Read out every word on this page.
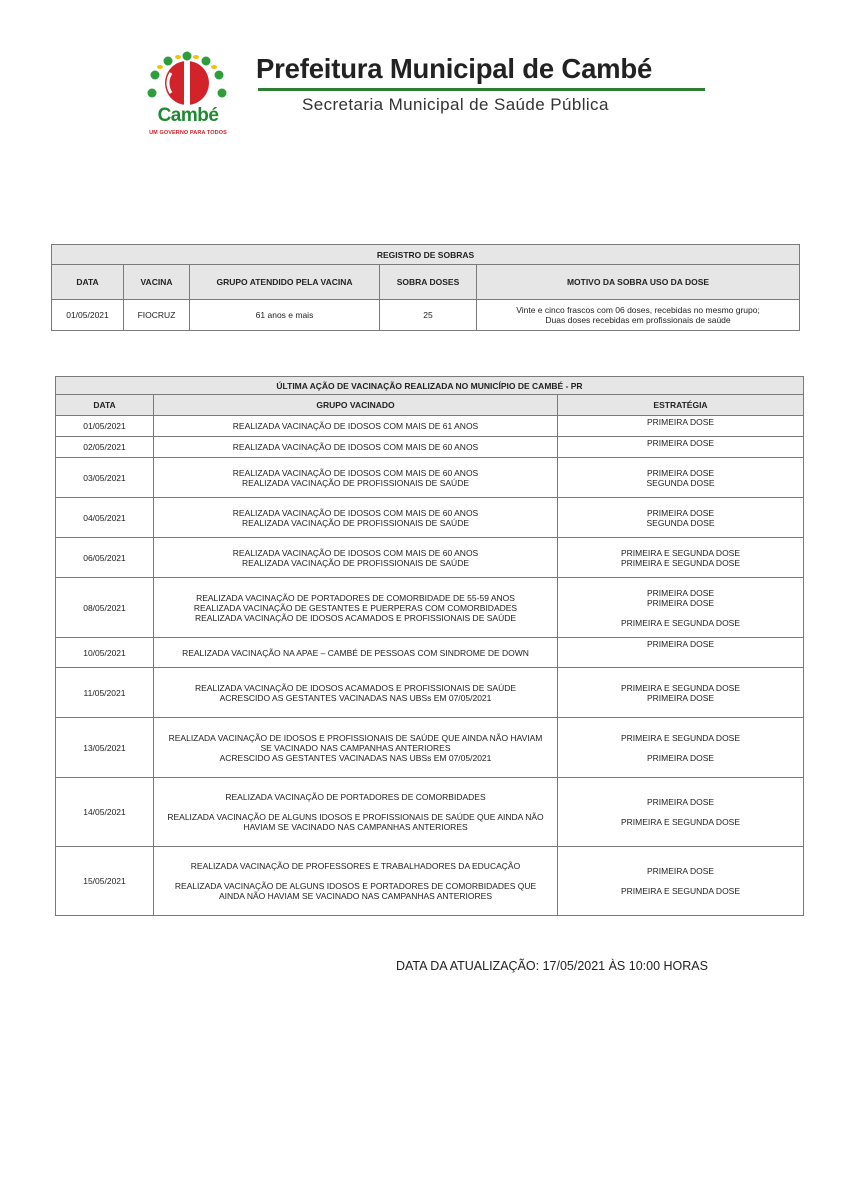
Cambé
UM GOVERNO PARA TODOS
Prefeitura Municipal de Cambé
Secretaria Municipal de Saúde Pública
REGISTRO DE SOBRAS				
DATA	VACINA	GRUPO ATENDIDO PELA VACINA	SOBRA DOSES	MOTIVO DA SOBRA USO DA DOSE
01/05/2021	FIOCRUZ	61 anos e mais	25	Vinte e cinco frascos com 06 doses, recebidas no mesmo grupo;
Duas doses recebidas em profissionais de saúde
ÚLTIMA AÇÃO DE VACINAÇÃO REALIZADA NO MUNICÍPIO DE CAMBÉ - PR		
DATA	GRUPO VACINADO	ESTRATÉGIA
01/05/2021	REALIZADA VACINAÇÃO DE IDOSOS COM MAIS DE 61 ANOS	PRIMEIRA DOSE

02/05/2021	REALIZADA VACINAÇÃO DE IDOSOS COM MAIS DE 60 ANOS	PRIMEIRA DOSE

03/05/2021	REALIZADA VACINAÇÃO DE IDOSOS COM MAIS DE 60 ANOS
REALIZADA VACINAÇÃO DE PROFISSIONAIS DE SAÚDE	PRIMEIRA DOSE
SEGUNDA DOSE

04/05/2021	REALIZADA VACINAÇÃO DE IDOSOS COM MAIS DE 60 ANOS
REALIZADA VACINAÇÃO DE PROFISSIONAIS DE SAÚDE	PRIMEIRA DOSE
SEGUNDA DOSE

06/05/2021	REALIZADA VACINAÇÃO DE IDOSOS COM MAIS DE 60 ANOS
REALIZADA VACINAÇÃO DE PROFISSIONAIS DE SAÚDE	PRIMEIRA E SEGUNDA DOSE
PRIMEIRA E SEGUNDA DOSE

08/05/2021	REALIZADA VACINAÇÃO DE PORTADORES DE COMORBIDADE DE 55-59 ANOS
REALIZADA VACINAÇÃO DE GESTANTES E PUERPERAS COM COMORBIDADES
REALIZADA VACINAÇÃO DE IDOSOS ACAMADOS E PROFISSIONAIS DE SAÚDE	PRIMEIRA DOSE
PRIMEIRA DOSE
PRIMEIRA E SEGUNDA DOSE

10/05/2021	REALIZADA VACINAÇÃO NA APAE – CAMBÉ DE PESSOAS COM SINDROME DE DOWN	PRIMEIRA DOSE

11/05/2021	REALIZADA VACINAÇÃO DE IDOSOS ACAMADOS E PROFISSIONAIS DE SAÚDE
ACRESCIDO AS GESTANTES VACINADAS NAS UBSs EM 07/05/2021	PRIMEIRA E SEGUNDA DOSE
PRIMEIRA DOSE

13/05/2021	REALIZADA VACINAÇÃO DE IDOSOS E PROFISSIONAIS DE SAÚDE QUE AINDA NÃO HAVIAM
SE VACINADO NAS CAMPANHAS ANTERIORES
ACRESCIDO AS GESTANTES VACINADAS NAS UBSs EM 07/05/2021	PRIMEIRA E SEGUNDA DOSE
PRIMEIRA DOSE

14/05/2021	REALIZADA VACINAÇÃO DE PORTADORES DE COMORBIDADES
REALIZADA VACINAÇÃO DE ALGUNS IDOSOS E PROFISSIONAIS DE SAÚDE QUE AINDA NÃO
HAVIAM SE VACINADO NAS CAMPANHAS ANTERIORES	PRIMEIRA DOSE
PRIMEIRA E SEGUNDA DOSE

15/05/2021	REALIZADA VACINAÇÃO DE PROFESSORES E TRABALHADORES DA EDUCAÇÃO
REALIZADA VACINAÇÃO DE ALGUNS IDOSOS E PORTADORES DE COMORBIDADES QUE
AINDA NÃO HAVIAM SE VACINADO NAS CAMPANHAS ANTERIORES	PRIMEIRA DOSE
PRIMEIRA E SEGUNDA DOSE
DATA DA ATUALIZAÇÃO: 17/05/2021 ÀS 10:00 HORAS
